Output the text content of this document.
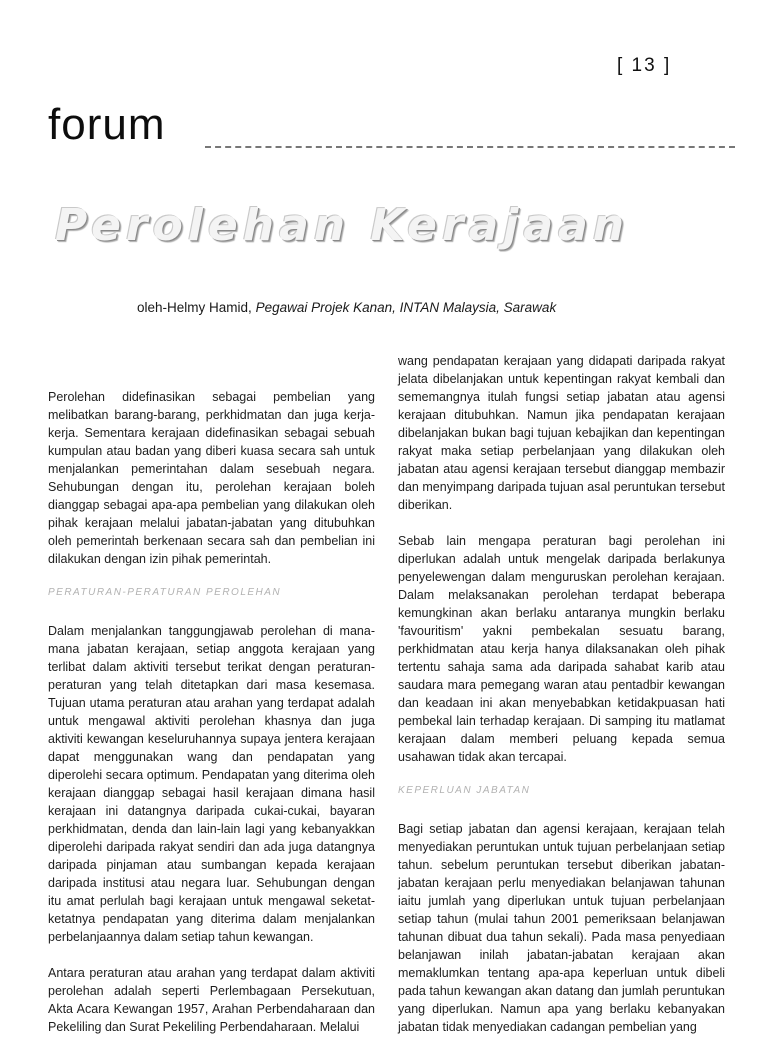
[ 13 ]
forum
Perolehan Kerajaan
oleh-Helmy Hamid, Pegawai Projek Kanan, INTAN Malaysia, Sarawak

Perolehan didefinasikan sebagai pembelian yang melibatkan barang-barang, perkhidmatan dan juga kerja-kerja. Sementara kerajaan didefinasikan sebagai sebuah kumpulan atau badan yang diberi kuasa secara sah untuk menjalankan pemerintahan dalam sesebuah negara. Sehubungan dengan itu, perolehan kerajaan boleh dianggap sebagai apa-apa pembelian yang dilakukan oleh pihak kerajaan melalui jabatan-jabatan yang ditubuhkan oleh pemerintah berkenaan secara sah dan pembelian ini dilakukan dengan izin pihak pemerintah.

PERATURAN-PERATURAN PEROLEHAN

Dalam menjalankan tanggungjawab perolehan di mana-mana jabatan kerajaan, setiap anggota kerajaan yang terlibat dalam aktiviti tersebut terikat dengan peraturan-peraturan yang telah ditetapkan dari masa kesemasa. Tujuan utama peraturan atau arahan yang terdapat adalah untuk mengawal aktiviti perolehan khasnya dan juga aktiviti kewangan keseluruhannya supaya jentera kerajaan dapat menggunakan wang dan pendapatan yang diperolehi secara optimum. Pendapatan yang diterima oleh kerajaan dianggap sebagai hasil kerajaan dimana hasil kerajaan ini datangnya daripada cukai-cukai, bayaran perkhidmatan, denda dan lain-lain lagi yang kebanyakkan diperolehi daripada rakyat sendiri dan ada juga datangnya daripada pinjaman atau sumbangan kepada kerajaan daripada institusi atau negara luar. Sehubungan dengan itu amat perlulah bagi kerajaan untuk mengawal seketat-ketatnya pendapatan yang diterima dalam menjalankan perbelanjaannya dalam setiap tahun kewangan.

Antara peraturan atau arahan yang terdapat dalam aktiviti perolehan adalah seperti Perlembagaan Persekutuan, Akta Acara Kewangan 1957, Arahan Perbendaharaan dan Pekeliling dan Surat Pekeliling Perbendaharaan. Melalui

wang pendapatan kerajaan yang didapati daripada rakyat jelata dibelanjakan untuk kepentingan rakyat kembali dan sememangnya itulah fungsi setiap jabatan atau agensi kerajaan ditubuhkan. Namun jika pendapatan kerajaan dibelanjakan bukan bagi tujuan kebajikan dan kepentingan rakyat maka setiap perbelanjaan yang dilakukan oleh jabatan atau agensi kerajaan tersebut dianggap membazir dan menyimpang daripada tujuan asal peruntukan tersebut diberikan.

Sebab lain mengapa peraturan bagi perolehan ini diperlukan adalah untuk mengelak daripada berlakunya penyelewengan dalam menguruskan perolehan kerajaan. Dalam melaksanakan perolehan terdapat beberapa kemungkinan akan berlaku antaranya mungkin berlaku 'favouritism' yakni pembekalan sesuatu barang, perkhidmatan atau kerja hanya dilaksanakan oleh pihak tertentu sahaja sama ada daripada sahabat karib atau saudara mara pemegang waran atau pentadbir kewangan dan keadaan ini akan menyebabkan ketidakpuasan hati pembekal lain terhadap kerajaan. Di samping itu matlamat kerajaan dalam memberi peluang kepada semua usahawan tidak akan tercapai.

KEPERLUAN JABATAN

Bagi setiap jabatan dan agensi kerajaan, kerajaan telah menyediakan peruntukan untuk tujuan perbelanjaan setiap tahun. sebelum peruntukan tersebut diberikan jabatan-jabatan kerajaan perlu menyediakan belanjawan tahunan iaitu jumlah yang diperlukan untuk tujuan perbelanjaan setiap tahun (mulai tahun 2001 pemeriksaan belanjawan tahunan dibuat dua tahun sekali). Pada masa penyediaan belanjawan inilah jabatan-jabatan kerajaan akan memaklumkan tentang apa-apa keperluan untuk dibeli pada tahun kewangan akan datang dan jumlah peruntukan yang diperlukan. Namun apa yang berlaku kebanyakan jabatan tidak menyediakan cadangan pembelian yang
